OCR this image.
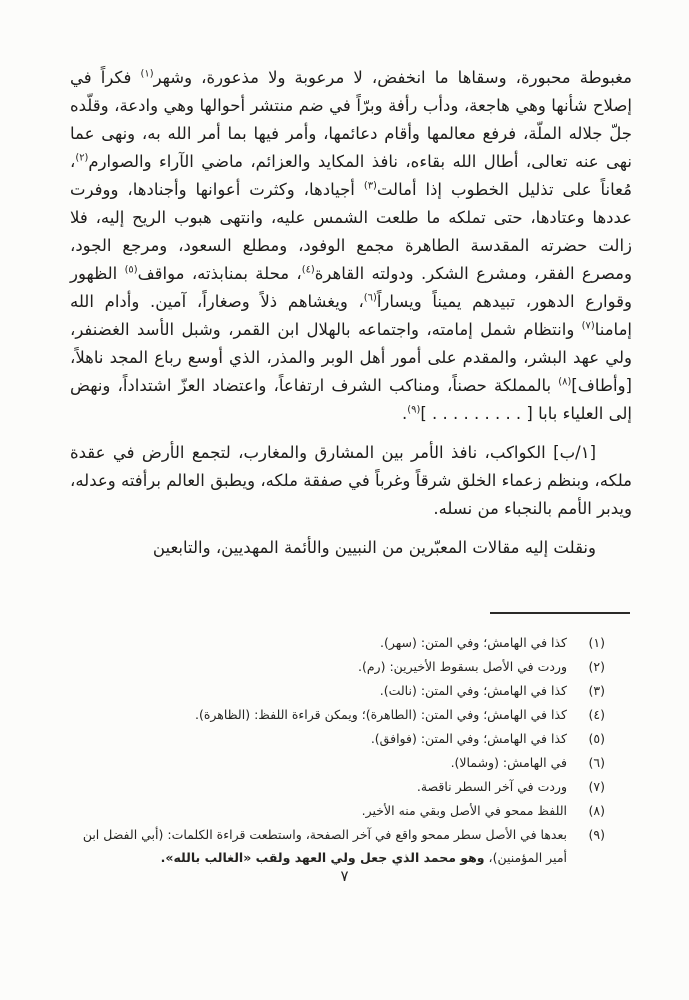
مغبوطة محبورة، وسقاها ما انخفض، لا مرعوبة ولا مذعورة، وشهر$^{(١)}$ فكراً في إصلاح شأنها وهي هاجعة، ودأب رأفة وبرّاً في ضم منتشر أحوالها وهي وادعة، وقلّده جلّ جلاله الملّة، فرفع معالمها وأقام دعائمها، وأمر فيها بما أمر الله به، ونهى عما نهى عنه تعالى، أطال الله بقاءه، نافذ المكايد والعزائم، ماضي الآراء والصوارم$^{(٢)}$، مُعاناً على تذليل الخطوب إذا أمالت$^{(٣)}$ أجيادها، وكثرت أعوانها وأجنادها، ووفرت عددها وعتادها، حتى تملكه ما طلعت الشمس عليه، وانتهى هبوب الريح إليه، فلا زالت حضرته المقدسة الطاهرة مجمع الوفود، ومطلع السعود، ومرجع الجود، ومصرع الفقر، ومشرع الشكر. ودولته القاهرة$^{(٤)}$، محلة بمنابذته، مواقف$^{(٥)}$ الظهور وقوارع الدهور، تبيدهم يميناً ويساراً$^{(٦)}$، ويغشاهم ذلاً وصغاراً، آمين. وأدام الله إمامنا$^{(٧)}$ وانتظام شمل إمامته، واجتماعه بالهلال ابن القمر، وشبل الأسد الغضنفر، ولي عهد البشر، والمقدم على أمور أهل الوبر والمذر، الذي أوسع رباع المجد ناهلاً، [وأطاف]$^{(٨)}$ بالمملكة حصناً، ومناكب الشرف ارتفاعاً، واعتضاد العزّ اشتداداً، ونهض إلى العلياء بابا [ . . . . . . . . . ]$^{(٩)}$.

[١/ب] الكواكب، نافذ الأمر بين المشارق والمغارب، لتجمع الأرض في عقدة ملكه، وبنظم زعماء الخلق شرقاً وغرباً في صفقة ملكه، ويطبق العالم برأفته وعدله، ويدبر الأمم بالنجباء من نسله.

ونقلت إليه مقالات المعبّرين من النبيين والأئمة المهديين، والتابعين

(١)
كذا في الهامش؛ وفي المتن: (سهر).
(٢)
وردت في الأصل بسقوط الأخيرين: (رم).
(٣)
كذا في الهامش؛ وفي المتن: (نالت).
(٤)
كذا في الهامش؛ وفي المتن: (الطاهرة)؛ ويمكن قراءة اللفظ: (الظاهرة).
(٥)
كذا في الهامش؛ وفي المتن: (فوافق).
(٦)
في الهامش: (وشمالا).
(٧)
وردت في آخر السطر ناقصة.
(٨)
اللفظ ممحو في الأصل وبقي منه الأخير.
(٩)
بعدها في الأصل سطر ممحو واقع في آخر الصفحة، واستطعت قراءة الكلمات: (أبي الفضل ابن أمير المؤمنين)، وهو محمد الذي جعل ولي العهد ولقب «الغالب بالله».
٧
